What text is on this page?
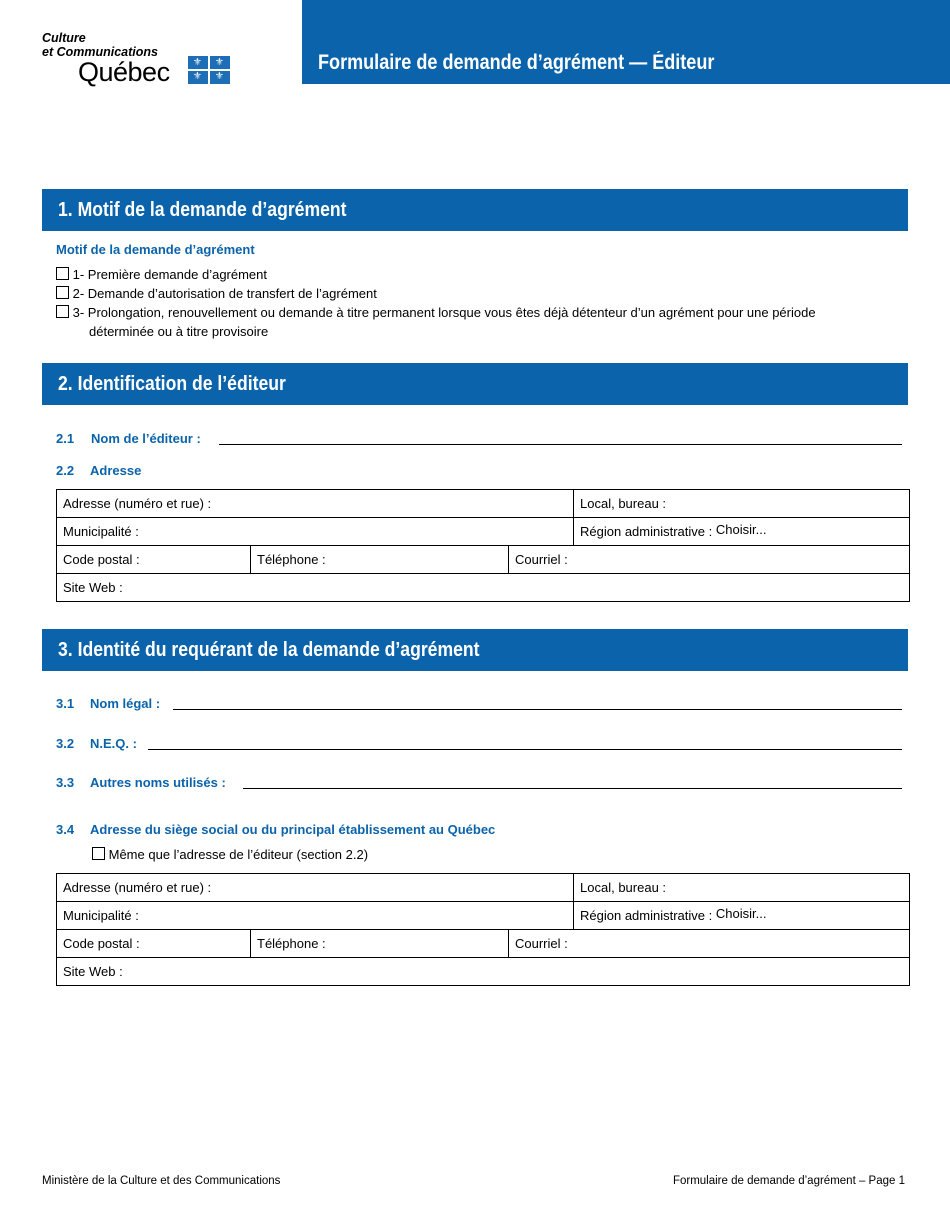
Culture
et Communications
Québec ⚜ ⚜
⚜ ⚜
Formulaire de demande d’agrément — Éditeur
1. Motif de la demande d’agrément
Motif de la demande d’agrément
1- Première demande d’agrément
2- Demande d’autorisation de transfert de l’agrément
3- Prolongation, renouvellement ou demande à titre permanent lorsque vous êtes déjà détenteur d’un agrément pour une période
déterminée ou à titre provisoire
2. Identification de l’éditeur
2.1 Nom de l’éditeur :
2.2 Adresse
Adresse (numéro et rue) :			Local, bureau :
Municipalité :			Région administrative : Choisir...
Code postal :	Téléphone :	Courriel :	
Site Web :			
3. Identité du requérant de la demande d’agrément
3.1 Nom légal :
3.2 N.E.Q. :
3.3 Autres noms utilisés :
3.4 Adresse du siège social ou du principal établissement au Québec
Même que l’adresse de l’éditeur (section 2.2)
Adresse (numéro et rue) :			Local, bureau :
Municipalité :			Région administrative : Choisir...
Code postal :	Téléphone :	Courriel :	
Site Web :			
Ministère de la Culture et des Communications	Formulaire de demande d’agrément – Page 1
